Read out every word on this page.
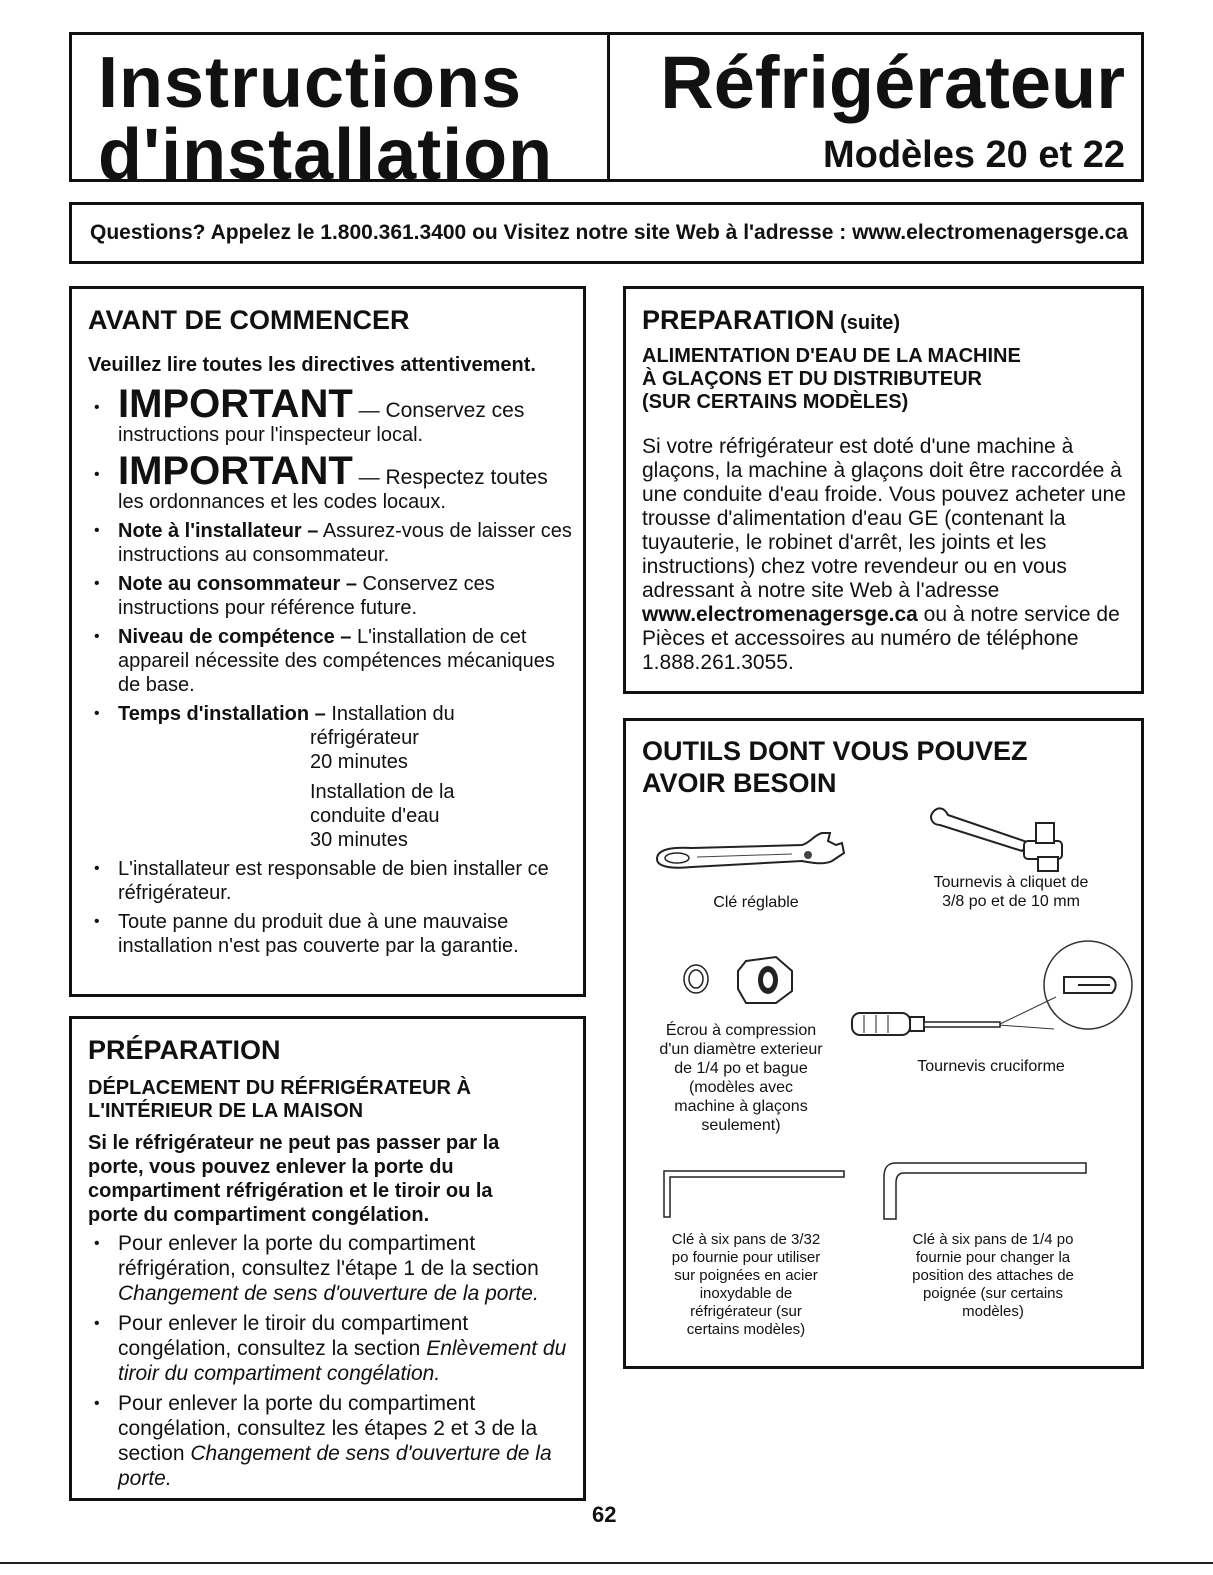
Instructions
d'installation
Réfrigérateur
Modèles 20 et 22
Questions? Appelez le 1.800.361.3400 ou Visitez notre site Web à l'adresse : www.electromenagersge.ca
AVANT DE COMMENCER
Veuillez lire toutes les directives attentivement.
• IMPORTANT — Conservez ces
instructions pour l'inspecteur local.
• IMPORTANT — Respectez toutes
les ordonnances et les codes locaux.
• Note à l'installateur – Assurez-vous de laisser ces instructions au consommateur.
• Note au consommateur – Conservez ces instructions pour référence future.
• Niveau de compétence – L'installation de cet appareil nécessite des compétences mécaniques de base.
• Temps d'installation – Installation du

réfrigérateur
20 minutes
Installation de la
conduite d'eau
30 minutes
• L'installateur est responsable de bien installer ce réfrigérateur.
• Toute panne du produit due à une mauvaise installation n'est pas couverte par la garantie.
PRÉPARATION
DÉPLACEMENT DU RÉFRIGÉRATEUR À L'INTÉRIEUR DE LA MAISON
Si le réfrigérateur ne peut pas passer par la porte, vous pouvez enlever la porte du compartiment réfrigération et le tiroir ou la porte du compartiment congélation.
• Pour enlever la porte du compartiment réfrigération, consultez l'étape 1 de la section Changement de sens d'ouverture de la porte.
• Pour enlever le tiroir du compartiment congélation, consultez la section Enlèvement du tiroir du compartiment congélation.
• Pour enlever la porte du compartiment congélation, consultez les étapes 2 et 3 de la section Changement de sens d'ouverture de la porte.
PREPARATION (suite)
ALIMENTATION D'EAU DE LA MACHINE
À GLAÇONS ET DU DISTRIBUTEUR
(SUR CERTAINS MODÈLES)
Si votre réfrigérateur est doté d'une machine à glaçons, la machine à glaçons doit être raccordée à une conduite d'eau froide. Vous pouvez acheter une trousse d'alimentation d'eau GE (contenant la tuyauterie, le robinet d'arrêt, les joints et les instructions) chez votre revendeur ou en vous adressant à notre site Web à l'adresse www.electromenagersge.ca ou à notre service de Pièces et accessoires au numéro de téléphone 1.888.261.3055.
OUTILS DONT VOUS POUVEZ
AVOIR BESOIN
Clé réglable
Tournevis à cliquet de
3/8 po et de 10 mm
Écrou à compression
d'un diamètre exterieur
de 1/4 po et bague
(modèles avec
machine à glaçons
seulement)
Tournevis cruciforme
Clé à six pans de 3/32
po fournie pour utiliser
sur poignées en acier
inoxydable de
réfrigérateur (sur
certains modèles)
Clé à six pans de 1/4 po
fournie pour changer la
position des attaches de
poignée (sur certains
modèles)
62
